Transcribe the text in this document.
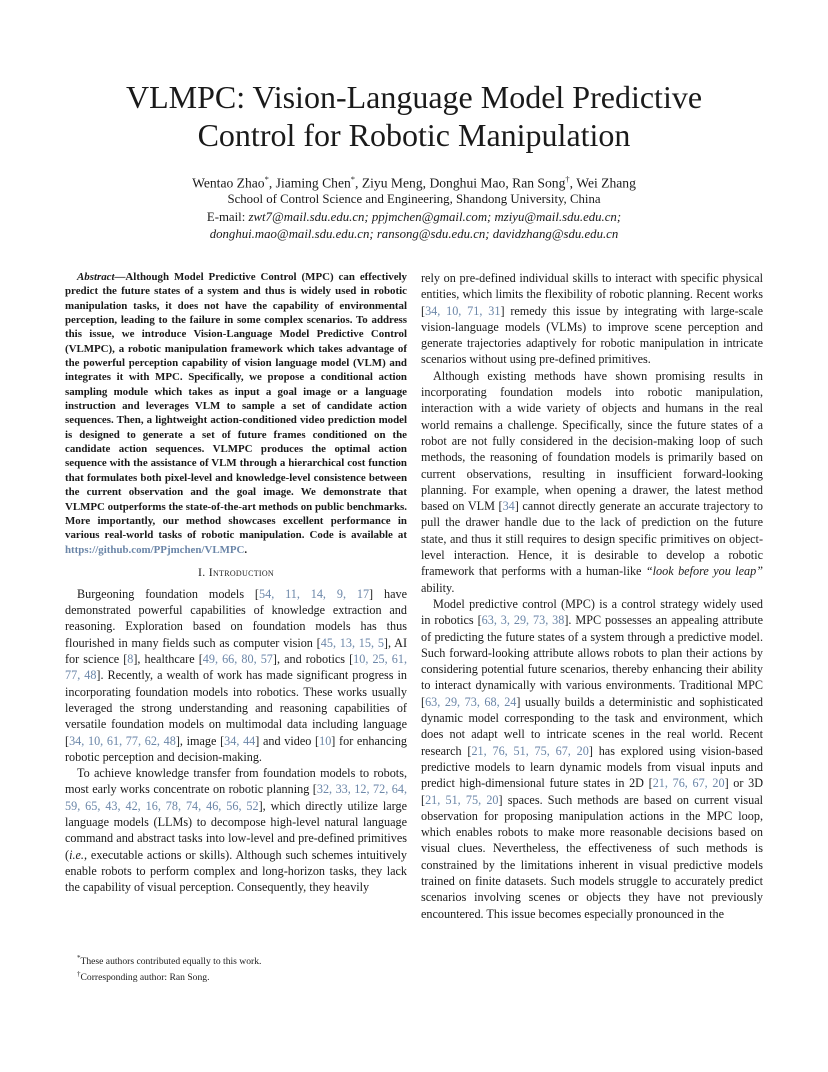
VLMPC: Vision-Language Model Predictive
Control for Robotic Manipulation
Wentao Zhao*, Jiaming Chen*, Ziyu Meng, Donghui Mao, Ran Song†, Wei Zhang
School of Control Science and Engineering, Shandong University, China
E-mail: zwt7@mail.sdu.edu.cn; ppjmchen@gmail.com; mziyu@mail.sdu.edu.cn;
donghui.mao@mail.sdu.edu.cn; ransong@sdu.edu.cn; davidzhang@sdu.edu.cn

Abstract—Although Model Predictive Control (MPC) can effectively predict the future states of a system and thus is widely used in robotic manipulation tasks, it does not have the capability of environmental perception, leading to the failure in some complex scenarios. To address this issue, we introduce Vision-Language Model Predictive Control (VLMPC), a robotic manipulation framework which takes advantage of the powerful perception capability of vision language model (VLM) and integrates it with MPC. Specifically, we propose a conditional action sampling module which takes as input a goal image or a language instruction and leverages VLM to sample a set of candidate action sequences. Then, a lightweight action-conditioned video prediction model is designed to generate a set of future frames conditioned on the candidate action sequences. VLMPC produces the optimal action sequence with the assistance of VLM through a hierarchical cost function that formulates both pixel-level and knowledge-level consistence between the current observation and the goal image. We demonstrate that VLMPC outperforms the state-of-the-art methods on public benchmarks. More importantly, our method showcases excellent performance in various real-world tasks of robotic manipulation. Code is available at https://github.com/PPjmchen/VLMPC.

I. Introduction

Burgeoning foundation models [54, 11, 14, 9, 17] have demonstrated powerful capabilities of knowledge extraction and reasoning. Exploration based on foundation models has thus flourished in many fields such as computer vision [45, 13, 15, 5], AI for science [8], healthcare [49, 66, 80, 57], and robotics [10, 25, 61, 77, 48]. Recently, a wealth of work has made significant progress in incorporating foundation models into robotics. These works usually leveraged the strong understanding and reasoning capabilities of versatile foundation models on multimodal data including language [34, 10, 61, 77, 62, 48], image [34, 44] and video [10] for enhancing robotic perception and decision-making.

To achieve knowledge transfer from foundation models to robots, most early works concentrate on robotic planning [32, 33, 12, 72, 64, 59, 65, 43, 42, 16, 78, 74, 46, 56, 52], which directly utilize large language models (LLMs) to decompose high-level natural language command and abstract tasks into low-level and pre-defined primitives (i.e., executable actions or skills). Although such schemes intuitively enable robots to perform complex and long-horizon tasks, they lack the capability of visual perception. Consequently, they heavily

rely on pre-defined individual skills to interact with specific physical entities, which limits the flexibility of robotic planning. Recent works [34, 10, 71, 31] remedy this issue by integrating with large-scale vision-language models (VLMs) to improve scene perception and generate trajectories adaptively for robotic manipulation in intricate scenarios without using pre-defined primitives.

Although existing methods have shown promising results in incorporating foundation models into robotic manipulation, interaction with a wide variety of objects and humans in the real world remains a challenge. Specifically, since the future states of a robot are not fully considered in the decision-making loop of such methods, the reasoning of foundation models is primarily based on current observations, resulting in insufficient forward-looking planning. For example, when opening a drawer, the latest method based on VLM [34] cannot directly generate an accurate trajectory to pull the drawer handle due to the lack of prediction on the future state, and thus it still requires to design specific primitives on object-level interaction. Hence, it is desirable to develop a robotic framework that performs with a human-like “look before you leap” ability.

Model predictive control (MPC) is a control strategy widely used in robotics [63, 3, 29, 73, 38]. MPC possesses an appealing attribute of predicting the future states of a system through a predictive model. Such forward-looking attribute allows robots to plan their actions by considering potential future scenarios, thereby enhancing their ability to interact dynamically with various environments. Traditional MPC [63, 29, 73, 68, 24] usually builds a deterministic and sophisticated dynamic model corresponding to the task and environment, which does not adapt well to intricate scenes in the real world. Recent research [21, 76, 51, 75, 67, 20] has explored using vision-based predictive models to learn dynamic models from visual inputs and predict high-dimensional future states in 2D [21, 76, 67, 20] or 3D [21, 51, 75, 20] spaces. Such methods are based on current visual observation for proposing manipulation actions in the MPC loop, which enables robots to make more reasonable decisions based on visual clues. Nevertheless, the effectiveness of such methods is constrained by the limitations inherent in visual predictive models trained on finite datasets. Such models struggle to accurately predict scenarios involving scenes or objects they have not previously encountered. This issue becomes especially pronounced in the

*These authors contributed equally to this work.
†Corresponding author: Ran Song.
